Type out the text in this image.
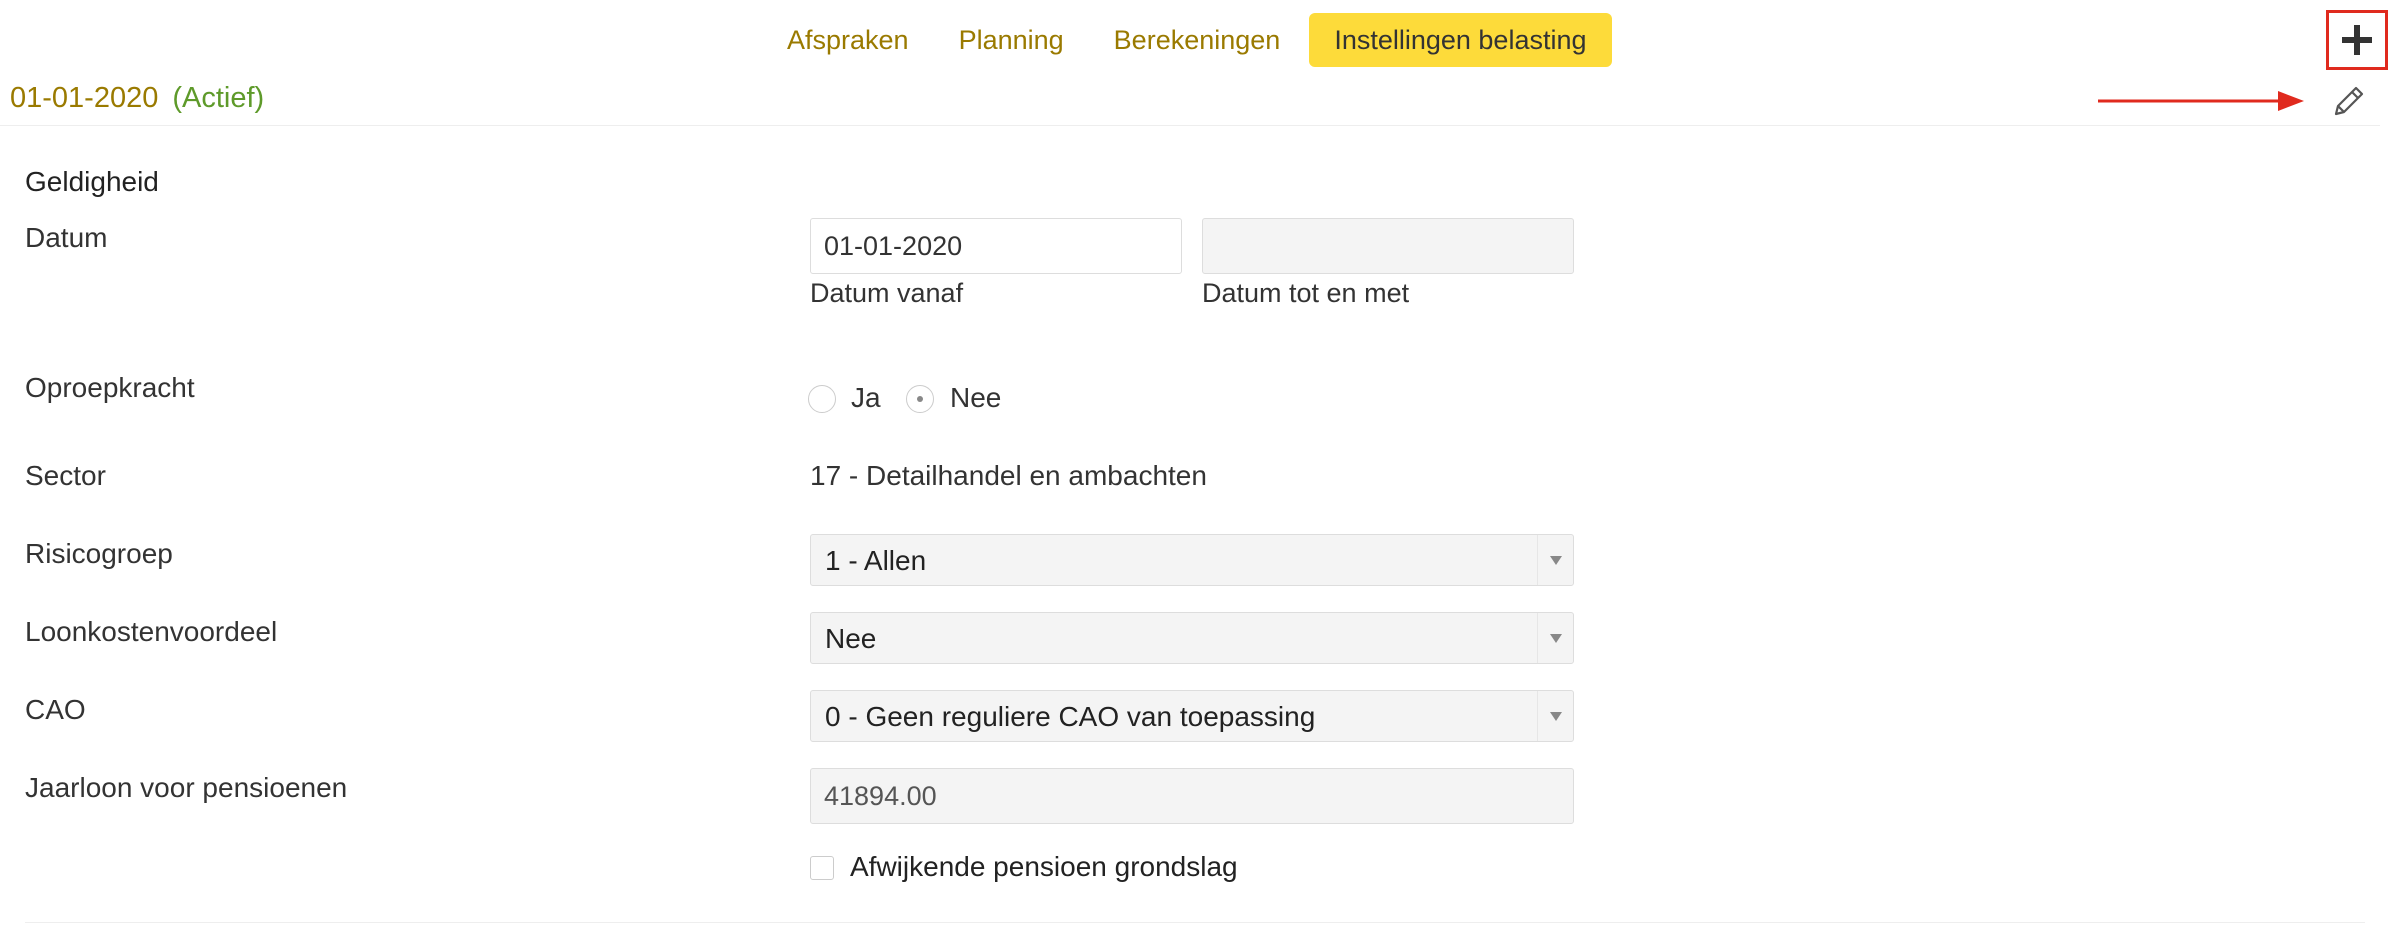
Afspraken	Planning	Berekeningen	Instellingen belasting
01-01-2020 (Actief)
Geldigheid
Datum	01-01-2020
Datum vanaf	Datum tot en met
Oproepkracht	Ja Nee
Sector	17 - Detailhandel en ambachten
Risicogroep	1 - Allen
Loonkostenvoordeel	Nee
CAO	0 - Geen reguliere CAO van toepassing
Jaarloon voor pensioenen	41894.00
Afwijkende pensioen grondslag
